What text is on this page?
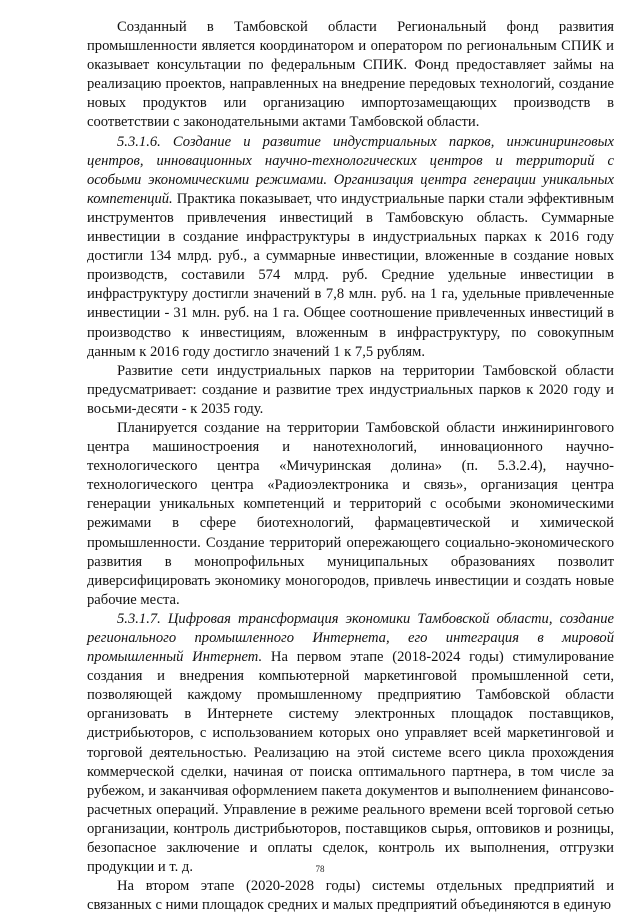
Созданный в Тамбовской области Региональный фонд развития промышленности является координатором и оператором по региональным СПИК и оказывает консультации по федеральным СПИК. Фонд предоставляет займы на реализацию проектов, направленных на внедрение передовых технологий, создание новых продуктов или организацию импортозамещающих производств в соответствии с законодательными актами Тамбовской области.

5.3.1.6. Создание и развитие индустриальных парков, инжиниринговых центров, инновационных научно-технологических центров и территорий с особыми экономическими режимами. Организация центра генерации уникальных компетенций. Практика показывает, что индустриальные парки стали эффективным инструментов привлечения инвестиций в Тамбовскую область. Суммарные инвестиции в создание инфраструктуры в индустриальных парках к 2016 году достигли 134 млрд. руб., а суммарные инвестиции, вложенные в создание новых производств, составили 574 млрд. руб. Средние удельные инвестиции в инфраструктуру достигли значений в 7,8 млн. руб. на 1 га, удельные привлеченные инвестиции - 31 млн. руб. на 1 га. Общее соотношение привлеченных инвестиций в производство к инвестициям, вложенным в инфраструктуру, по совокупным данным к 2016 году достигло значений 1 к 7,5 рублям.

Развитие сети индустриальных парков на территории Тамбовской области предусматривает: создание и развитие трех индустриальных парков к 2020 году и восьми-десяти - к 2035 году.

Планируется создание на территории Тамбовской области инжинирингового центра машиностроения и нанотехнологий, инновационного научно-технологического центра «Мичуринская долина» (п. 5.3.2.4), научно-технологического центра «Радиоэлектроника и связь», организация центра генерации уникальных компетенций и территорий с особыми экономическими режимами в сфере биотехнологий, фармацевтической и химической промышленности. Создание территорий опережающего социально-экономического развития в монопрофильных муниципальных образованиях позволит диверсифицировать экономику моногородов, привлечь инвестиции и создать новые рабочие места.

5.3.1.7. Цифровая трансформация экономики Тамбовской области, создание регионального промышленного Интернета, его интеграция в мировой промышленный Интернет. На первом этапе (2018-2024 годы) стимулирование создания и внедрения компьютерной маркетинговой промышленной сети, позволяющей каждому промышленному предприятию Тамбовской области организовать в Интернете систему электронных площадок поставщиков, дистрибьюторов, с использованием которых оно управляет всей маркетинговой и торговой деятельностью. Реализацию на этой системе всего цикла прохождения коммерческой сделки, начиная от поиска оптимального партнера, в том числе за рубежом, и заканчивая оформлением пакета документов и выполнением финансово-расчетных операций. Управление в режиме реального времени всей торговой сетью организации, контроль дистрибьюторов, поставщиков сырья, оптовиков и розницы, безопасное заключение и оплаты сделок, контроль их выполнения, отгрузки продукции и т. д.

На втором этапе (2020-2028 годы) системы отдельных предприятий и связанных с ними площадок средних и малых предприятий объединяются в единую

78
